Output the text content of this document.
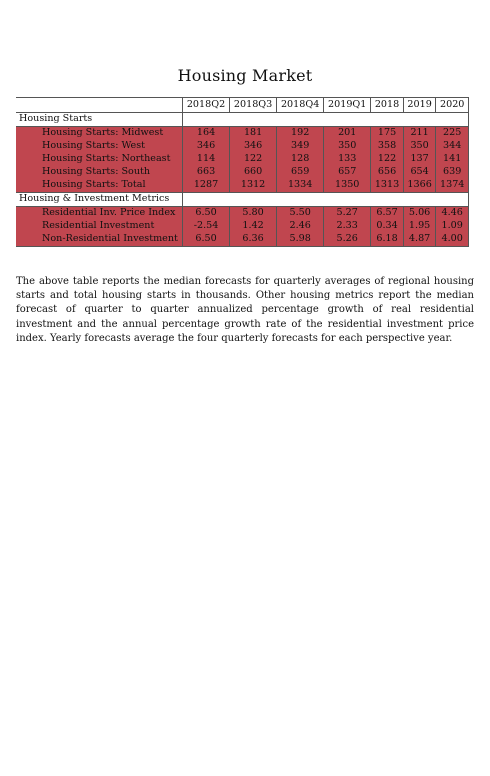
Housing Market
	2018Q2	2018Q3	2018Q4	2019Q1	2018	2019	2020
Housing Starts							
Housing Starts: Midwest	164	181	192	201	175	211	225
Housing Starts: West	346	346	349	350	358	350	344
Housing Starts: Northeast	114	122	128	133	122	137	141
Housing Starts: South	663	660	659	657	656	654	639
Housing Starts: Total	1287	1312	1334	1350	1313	1366	1374
Housing & Investment Metrics							
Residential Inv. Price Index	6.50	5.80	5.50	5.27	6.57	5.06	4.46
Residential Investment	-2.54	1.42	2.46	2.33	0.34	1.95	1.09
Non-Residential Investment	6.50	6.36	5.98	5.26	6.18	4.87	4.00

The above table reports the median forecasts for quarterly averages of regional housing starts and total housing starts in thousands. Other housing metrics report the median forecast of quarter to quarter annualized percentage growth of real residential investment and the annual percentage growth rate of the residential investment price index. Yearly forecasts average the four quarterly forecasts for each perspective year.
